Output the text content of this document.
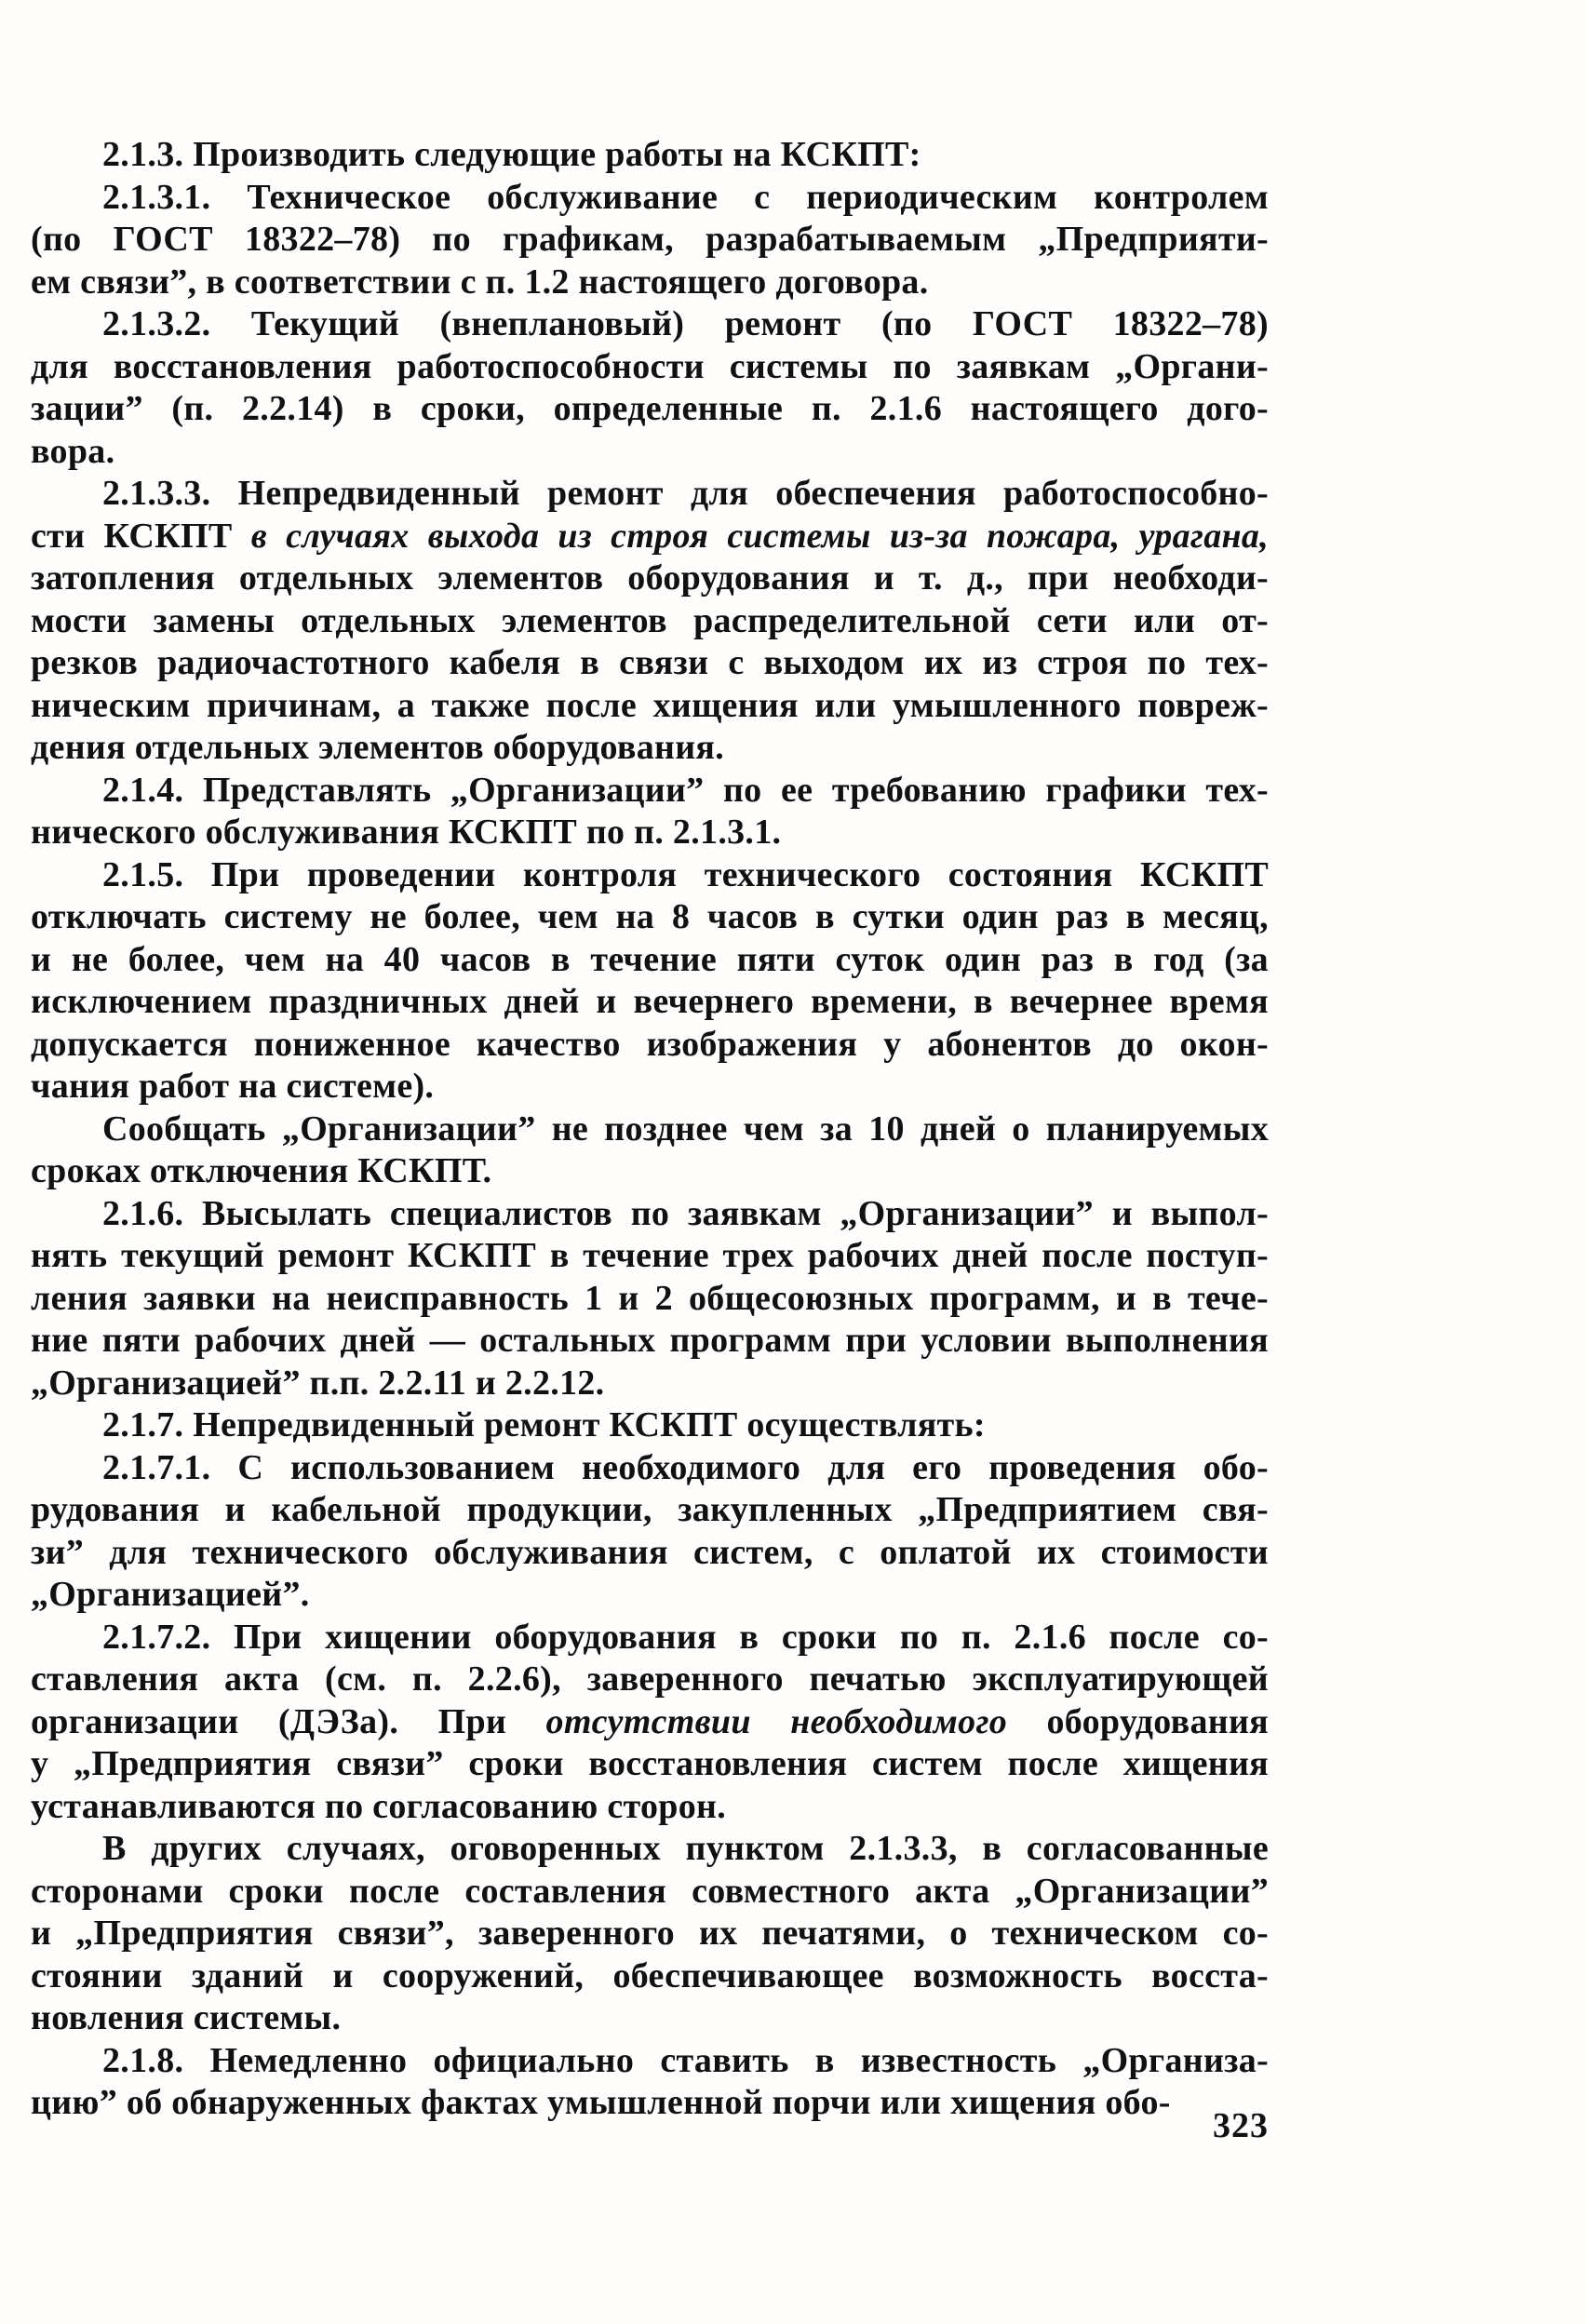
2.1.3. Производить следующие работы на КСКПТ:
2.1.3.1. Техническое обслуживание с периодическим контролем
(по ГОСТ 18322–78) по графикам, разрабатываемым „Предприяти-
ем связи”, в соответствии с п. 1.2 настоящего договора.
2.1.3.2. Текущий (внеплановый) ремонт (по ГОСТ 18322–78)
для восстановления работоспособности системы по заявкам „Органи-
зации” (п. 2.2.14) в сроки, определенные п. 2.1.6 настоящего дого-
вора.
2.1.3.3. Непредвиденный ремонт для обеспечения работоспособно-
сти КСКПТ в случаях выхода из строя системы из-за пожара, урагана,
затопления отдельных элементов оборудования и т. д., при необходи-
мости замены отдельных элементов распределительной сети или от-
резков радиочастотного кабеля в связи с выходом их из строя по тех-
ническим причинам, а также после хищения или умышленного повреж-
дения отдельных элементов оборудования.
2.1.4. Представлять „Организации” по ее требованию графики тех-
нического обслуживания КСКПТ по п. 2.1.3.1.
2.1.5. При проведении контроля технического состояния КСКПТ
отключать систему не более, чем на 8 часов в сутки один раз в месяц,
и не более, чем на 40 часов в течение пяти суток один раз в год (за
исключением праздничных дней и вечернего времени, в вечернее время
допускается пониженное качество изображения у абонентов до окон-
чания работ на системе).
Сообщать „Организации” не позднее чем за 10 дней о планируемых
сроках отключения КСКПТ.
2.1.6. Высылать специалистов по заявкам „Организации” и выпол-
нять текущий ремонт КСКПТ в течение трех рабочих дней после поступ-
ления заявки на неисправность 1 и 2 общесоюзных программ, и в тече-
ние пяти рабочих дней — остальных программ при условии выполнения
„Организацией” п.п. 2.2.11 и 2.2.12.
2.1.7. Непредвиденный ремонт КСКПТ осуществлять:
2.1.7.1. С использованием необходимого для его проведения обо-
рудования и кабельной продукции, закупленных „Предприятием свя-
зи” для технического обслуживания систем, с оплатой их стоимости
„Организацией”.
2.1.7.2. При хищении оборудования в сроки по п. 2.1.6 после со-
ставления акта (см. п. 2.2.6), заверенного печатью эксплуатирующей
организации (ДЭЗа). При отсутствии необходимого оборудования
у „Предприятия связи” сроки восстановления систем после хищения
устанавливаются по согласованию сторон.
В других случаях, оговоренных пунктом 2.1.3.3, в согласованные
сторонами сроки после составления совместного акта „Организации”
и „Предприятия связи”, заверенного их печатями, о техническом со-
стоянии зданий и сооружений, обеспечивающее возможность восста-
новления системы.
2.1.8. Немедленно официально ставить в известность „Организа-
цию” об обнаруженных фактах умышленной порчи или хищения обо-
323
